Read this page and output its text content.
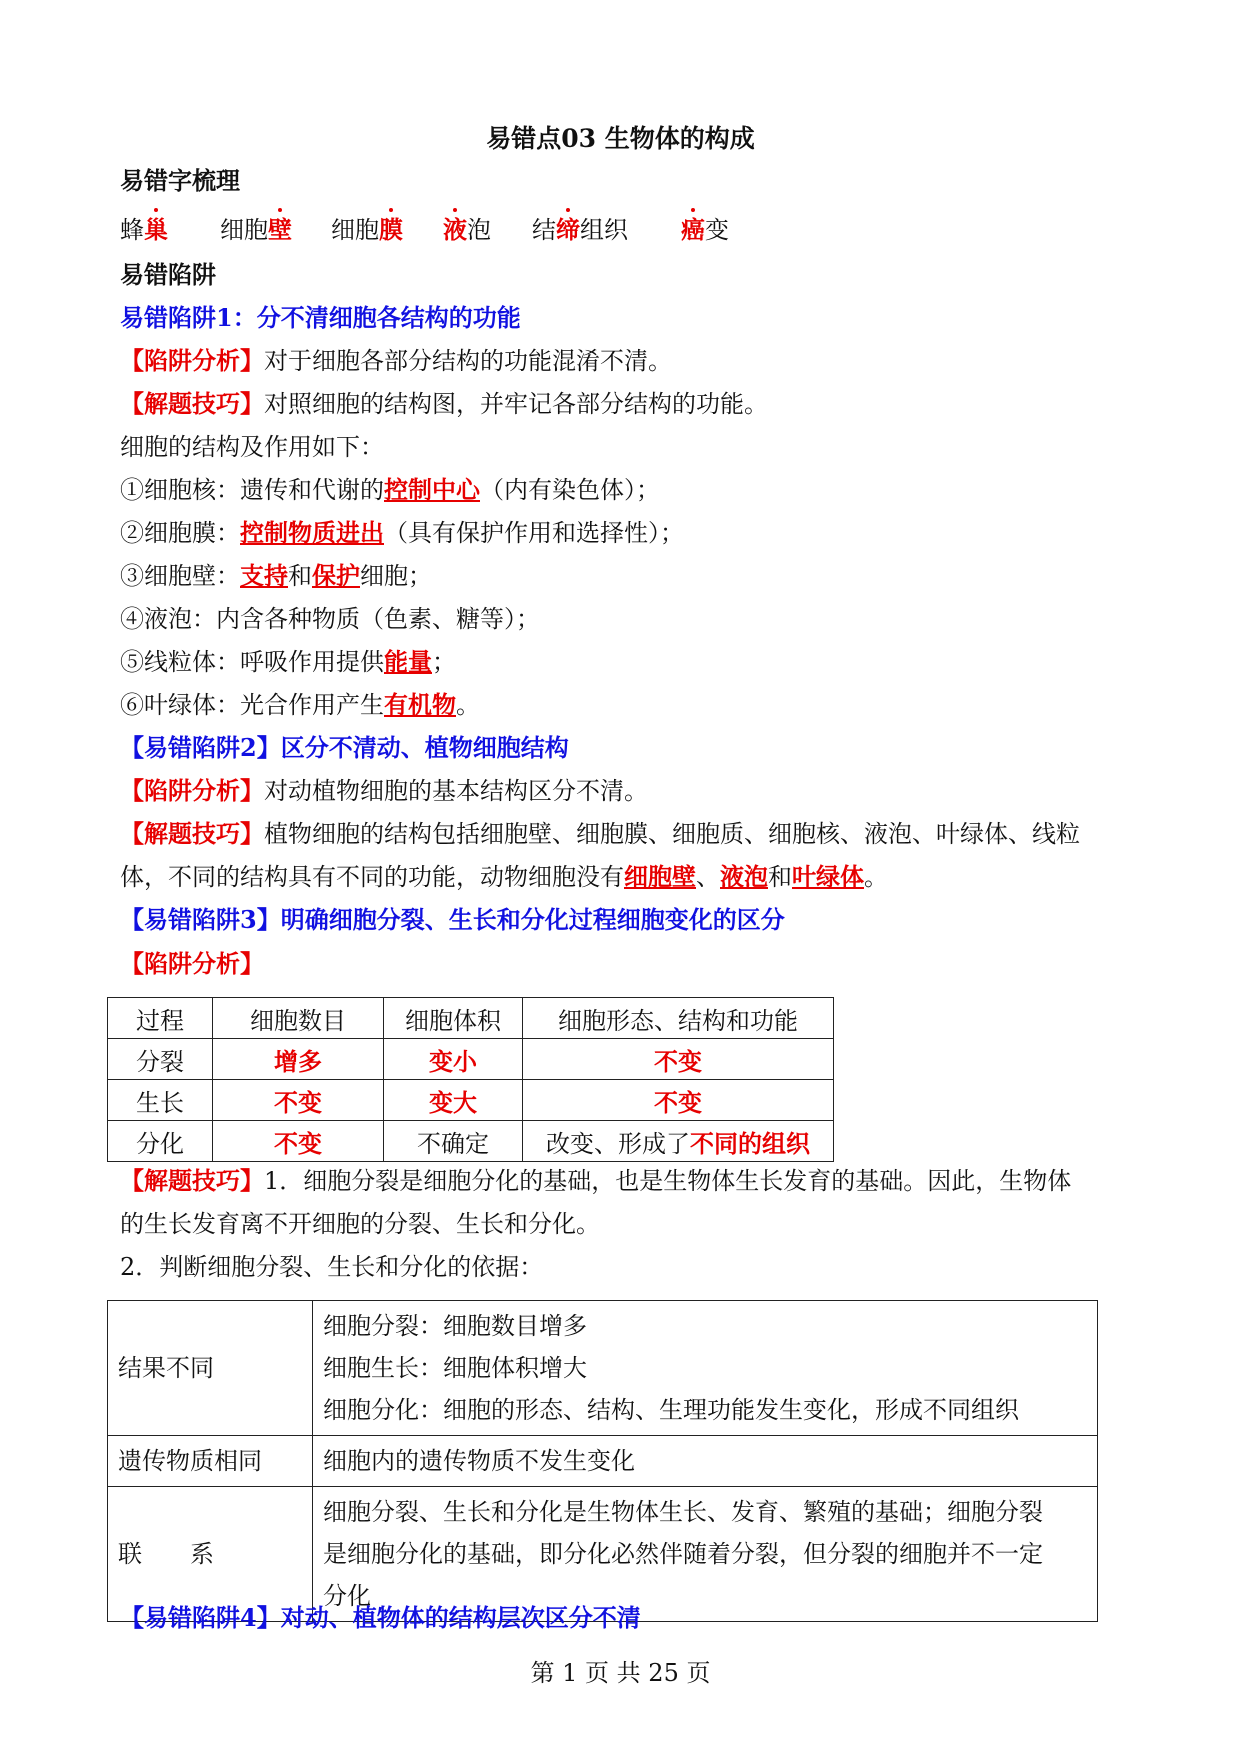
易错点03 生物体的构成
易错字梳理
蜂巢 细胞壁 细胞膜 液泡 结缔组织 癌变
易错陷阱
易错陷阱1：分不清细胞各结构的功能
【陷阱分析】对于细胞各部分结构的功能混淆不清。
【解题技巧】对照细胞的结构图，并牢记各部分结构的功能。
细胞的结构及作用如下：
①细胞核：遗传和代谢的控制中心（内有染色体）；
②细胞膜：控制物质进出（具有保护作用和选择性）；
③细胞壁：支持和保护细胞；
④液泡：内含各种物质（色素、糖等）；
⑤线粒体：呼吸作用提供能量；
⑥叶绿体：光合作用产生有机物。
【易错陷阱2】区分不清动、植物细胞结构
【陷阱分析】对动植物细胞的基本结构区分不清。
【解题技巧】植物细胞的结构包括细胞壁、细胞膜、细胞质、细胞核、液泡、叶绿体、线粒
体，不同的结构具有不同的功能，动物细胞没有细胞壁、液泡和叶绿体。
【易错陷阱3】明确细胞分裂、生长和分化过程细胞变化的区分
【陷阱分析】
过程	细胞数目	细胞体积	细胞形态、结构和功能
分裂	增多	变小	不变
生长	不变	变大	不变
分化	不变	不确定	改变、形成了不同的组织
【解题技巧】1．细胞分裂是细胞分化的基础，也是生物体生长发育的基础。因此，生物体
的生长发育离不开细胞的分裂、生长和分化。
2．判断细胞分裂、生长和分化的依据：
结果不同	细胞分裂：细胞数目增多
细胞生长：细胞体积增大
细胞分化：细胞的形态、结构、生理功能发生变化，形成不同组织

遗传物质相同	细胞内的遗传物质不发生变化

联　　系	细胞分裂、生长和分化是生物体生长、发育、繁殖的基础；细胞分裂
是细胞分化的基础，即分化必然伴随着分裂，但分裂的细胞并不一定
分化
【易错陷阱4】对动、植物体的结构层次区分不清
第 1 页 共 25 页
